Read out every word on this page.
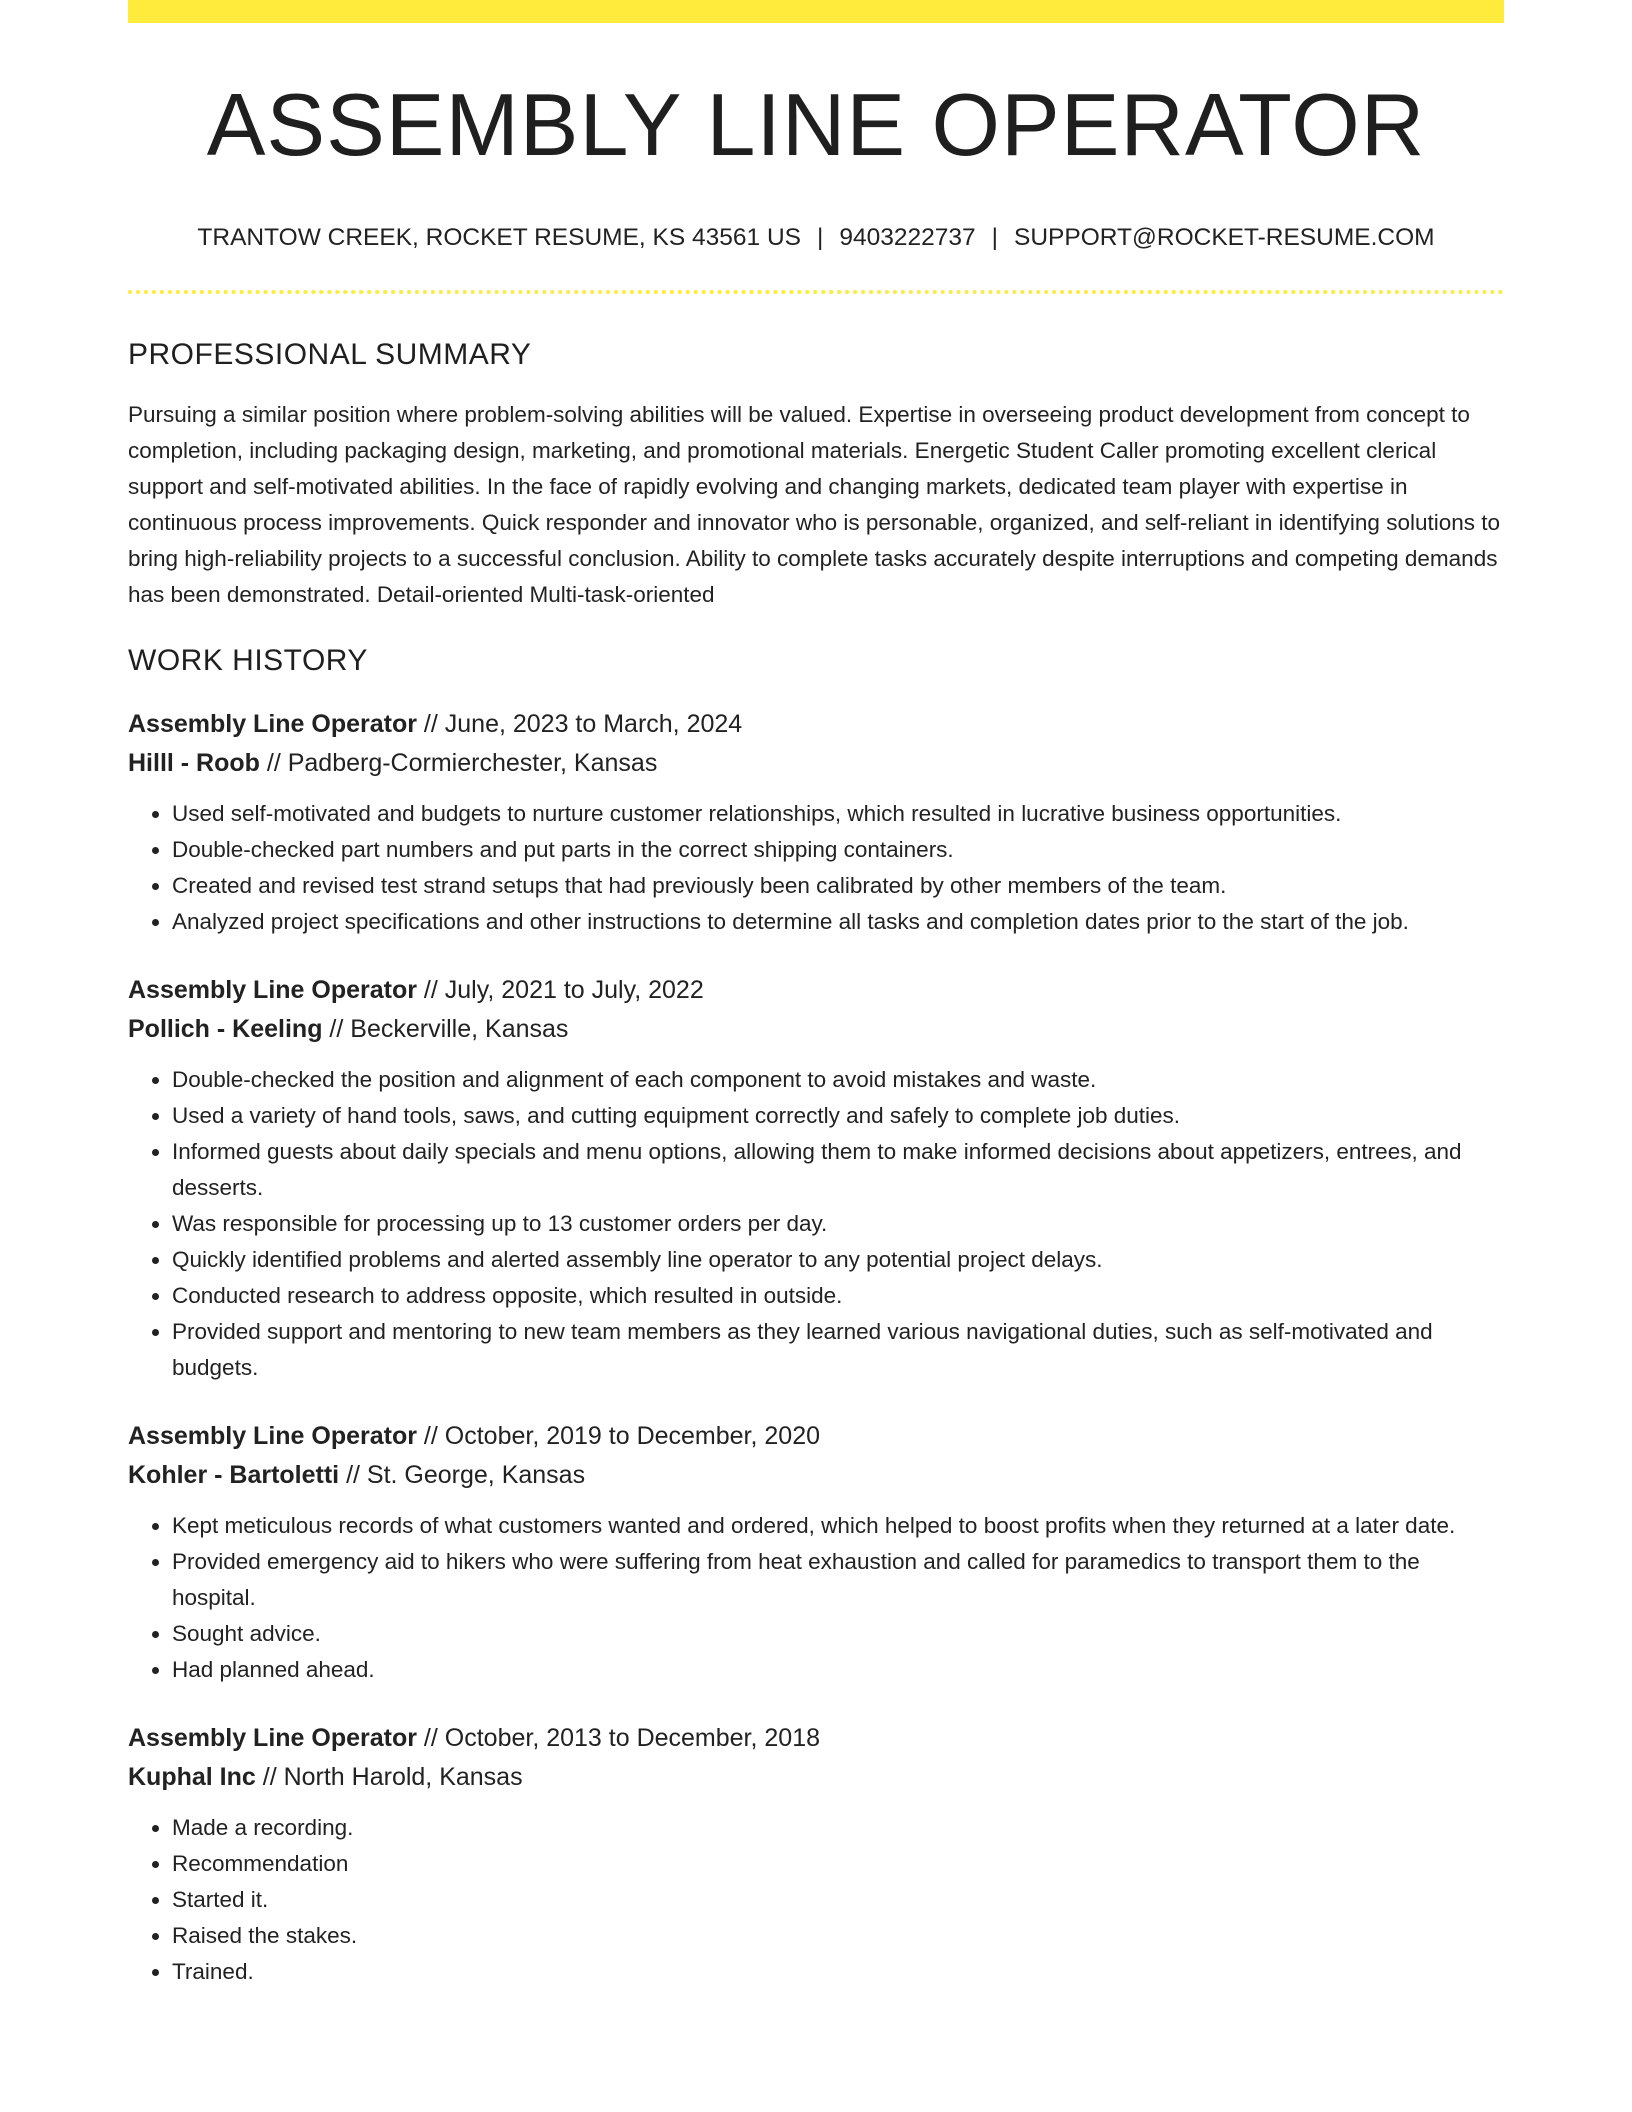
ASSEMBLY LINE OPERATOR
TRANTOW CREEK, ROCKET RESUME, KS 43561 US | 9403222737 | SUPPORT@ROCKET-RESUME.COM
PROFESSIONAL SUMMARY
Pursuing a similar position where problem-solving abilities will be valued. Expertise in overseeing product development from concept to completion, including packaging design, marketing, and promotional materials. Energetic Student Caller promoting excellent clerical support and self-motivated abilities. In the face of rapidly evolving and changing markets, dedicated team player with expertise in continuous process improvements. Quick responder and innovator who is personable, organized, and self-reliant in identifying solutions to bring high-reliability projects to a successful conclusion. Ability to complete tasks accurately despite interruptions and competing demands has been demonstrated. Detail-oriented Multi-task-oriented
WORK HISTORY
Assembly Line Operator // June, 2023 to March, 2024
Hilll - Roob // Padberg-Cormierchester, Kansas
• Used self-motivated and budgets to nurture customer relationships, which resulted in lucrative business opportunities.
• Double-checked part numbers and put parts in the correct shipping containers.
• Created and revised test strand setups that had previously been calibrated by other members of the team.
• Analyzed project specifications and other instructions to determine all tasks and completion dates prior to the start of the job.
Assembly Line Operator // July, 2021 to July, 2022
Pollich - Keeling // Beckerville, Kansas
• Double-checked the position and alignment of each component to avoid mistakes and waste.
• Used a variety of hand tools, saws, and cutting equipment correctly and safely to complete job duties.
• Informed guests about daily specials and menu options, allowing them to make informed decisions about appetizers, entrees, and desserts.
• Was responsible for processing up to 13 customer orders per day.
• Quickly identified problems and alerted assembly line operator to any potential project delays.
• Conducted research to address opposite, which resulted in outside.
• Provided support and mentoring to new team members as they learned various navigational duties, such as self-motivated and budgets.
Assembly Line Operator // October, 2019 to December, 2020
Kohler - Bartoletti // St. George, Kansas
• Kept meticulous records of what customers wanted and ordered, which helped to boost profits when they returned at a later date.
• Provided emergency aid to hikers who were suffering from heat exhaustion and called for paramedics to transport them to the hospital.
• Sought advice.
• Had planned ahead.
Assembly Line Operator // October, 2013 to December, 2018
Kuphal Inc // North Harold, Kansas
• Made a recording.
• Recommendation
• Started it.
• Raised the stakes.
• Trained.
